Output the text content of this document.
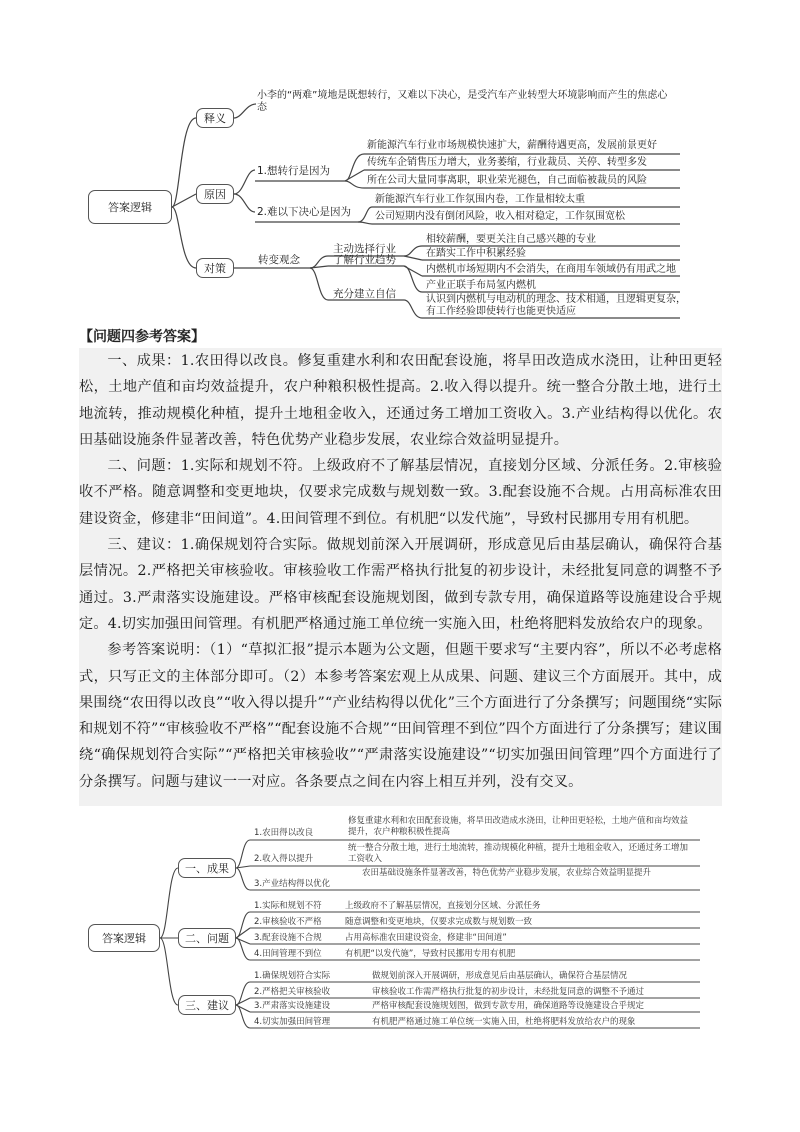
答案逻辑
释义
小李的“两难”境地是既想转行，又难以下决心，是受汽车产业转型大环境影响而产生的焦虑心态
原因
1.想转行是因为
新能源汽车行业市场规模快速扩大，薪酬待遇更高，发展前景更好
传统车企销售压力增大，业务萎缩，行业裁员、关停、转型多发
所在公司大量同事离职，职业荣光褪色，自己面临被裁员的风险
2.难以下决心是因为
新能源汽车行业工作氛围内卷，工作量相较太重
公司短期内没有倒闭风险，收入相对稳定，工作氛围宽松
对策
转变观念
主动选择行业
相较薪酬，要更关注自己感兴趣的专业
在踏实工作中积累经验
了解行业趋势
内燃机市场短期内不会消失，在商用车领域仍有用武之地
产业正联手布局氢内燃机
充分建立自信	认识到内燃机与电动机的理念、技术相通，且逻辑更复杂，有工作经验即使转行也能更快适应
【问题四参考答案】

一、成果：1.农田得以改良。修复重建水利和农田配套设施，将旱田改造成水浇田，让种田更轻松，土地产值和亩均效益提升，农户种粮积极性提高。2.收入得以提升。统一整合分散土地，进行土地流转，推动规模化种植，提升土地租金收入，还通过务工增加工资收入。3.产业结构得以优化。农田基础设施条件显著改善，特色优势产业稳步发展，农业综合效益明显提升。

二、问题：1.实际和规划不符。上级政府不了解基层情况，直接划分区域、分派任务。2.审核验收不严格。随意调整和变更地块，仅要求完成数与规划数一致。3.配套设施不合规。占用高标准农田建设资金，修建非“田间道”。4.田间管理不到位。有机肥“以发代施”，导致村民挪用专用有机肥。

三、建议：1.确保规划符合实际。做规划前深入开展调研，形成意见后由基层确认，确保符合基层情况。2.严格把关审核验收。审核验收工作需严格执行批复的初步设计，未经批复同意的调整不予通过。3.严肃落实设施建设。严格审核配套设施规划图，做到专款专用，确保道路等设施建设合乎规定。4.切实加强田间管理。有机肥严格通过施工单位统一实施入田，杜绝将肥料发放给农户的现象。

参考答案说明：（1）“草拟汇报”提示本题为公文题，但题干要求写“主要内容”，所以不必考虑格式，只写正文的主体部分即可。（2）本参考答案宏观上从成果、问题、建议三个方面展开。其中，成果围绕“农田得以改良”“收入得以提升”“产业结构得以优化”三个方面进行了分条撰写；问题围绕“实际和规划不符”“审核验收不严格”“配套设施不合规”“田间管理不到位”四个方面进行了分条撰写；建议围绕“确保规划符合实际”“严格把关审核验收”“严肃落实设施建设”“切实加强田间管理”四个方面进行了分条撰写。问题与建议一一对应。各条要点之间在内容上相互并列，没有交叉。

答案逻辑
一、成果
二、问题
三、建议
1.农田得以改良
修复重建水利和农田配套设施，将旱田改造成水浇田，让种田更轻松，土地产值和亩均效益提升，农户种粮积极性提高
2.收入得以提升
统一整合分散土地，进行土地流转，推动规模化种植，提升土地租金收入，还通过务工增加工资收入
3.产业结构得以优化
农田基础设施条件显著改善，特色优势产业稳步发展，农业综合效益明显提升
1.实际和规划不符	上级政府不了解基层情况，直接划分区域、分派任务
2.审核验收不严格	随意调整和变更地块，仅要求完成数与规划数一致
3.配套设施不合规	占用高标准农田建设资金，修建非“田间道”
4.田间管理不到位	有机肥“以发代施”，导致村民挪用专用有机肥
1.确保规划符合实际	做规划前深入开展调研，形成意见后由基层确认，确保符合基层情况
2.严格把关审核验收	审核验收工作需严格执行批复的初步设计，未经批复同意的调整不予通过
3.严肃落实设施建设	严格审核配套设施规划图，做到专款专用，确保道路等设施建设合乎规定
4.切实加强田间管理	有机肥严格通过施工单位统一实施入田，杜绝将肥料发放给农户的现象
